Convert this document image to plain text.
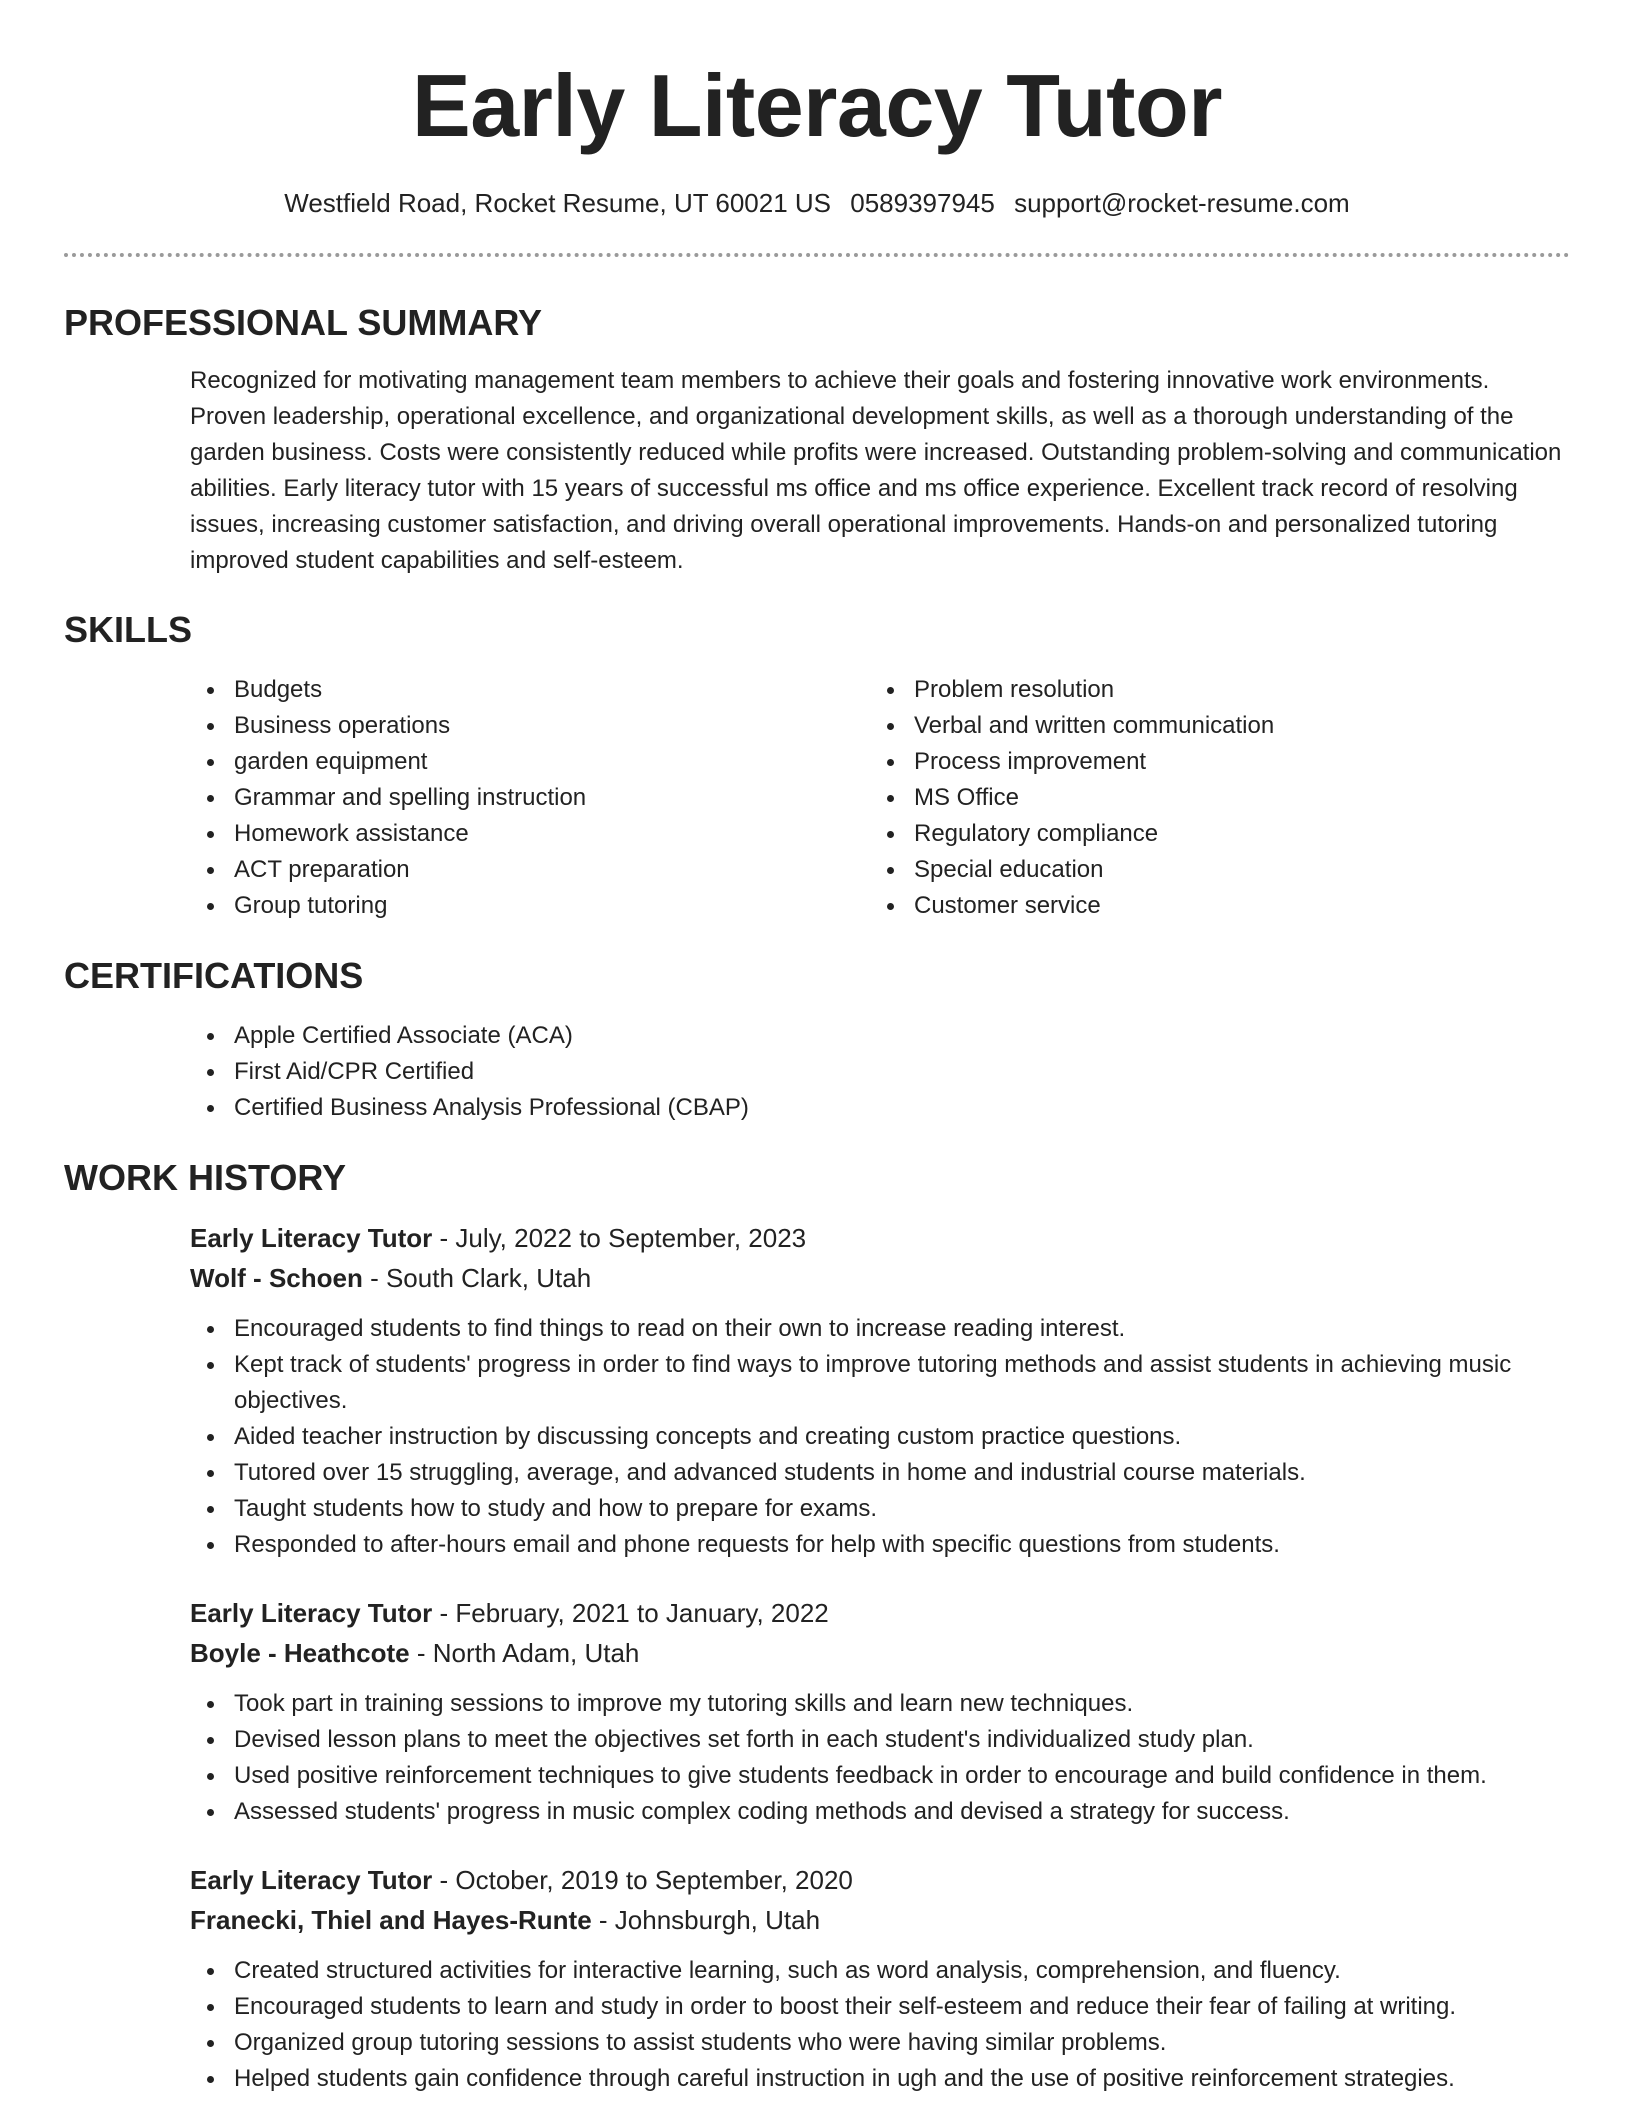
Early Literacy Tutor
Westfield Road, Rocket Resume, UT 60021 US 0589397945 support@rocket-resume.com
PROFESSIONAL SUMMARY

Recognized for motivating management team members to achieve their goals and fostering innovative work environments. Proven leadership, operational excellence, and organizational development skills, as well as a thorough understanding of the garden business. Costs were consistently reduced while profits were increased. Outstanding problem-solving and communication abilities. Early literacy tutor with 15 years of successful ms office and ms office experience. Excellent track record of resolving issues, increasing customer satisfaction, and driving overall operational improvements. Hands-on and personalized tutoring improved student capabilities and self-esteem.

SKILLS
Budgets
Business operations
garden equipment
Grammar and spelling instruction
Homework assistance
ACT preparation
Group tutoring
Problem resolution
Verbal and written communication
Process improvement
MS Office
Regulatory compliance
Special education
Customer service
CERTIFICATIONS
Apple Certified Associate (ACA)
First Aid/CPR Certified
Certified Business Analysis Professional (CBAP)
WORK HISTORY
Early Literacy Tutor - July, 2022 to September, 2023
Wolf - Schoen - South Clark, Utah
Encouraged students to find things to read on their own to increase reading interest.
Kept track of students' progress in order to find ways to improve tutoring methods and assist students in achieving music objectives.
Aided teacher instruction by discussing concepts and creating custom practice questions.
Tutored over 15 struggling, average, and advanced students in home and industrial course materials.
Taught students how to study and how to prepare for exams.
Responded to after-hours email and phone requests for help with specific questions from students.
Early Literacy Tutor - February, 2021 to January, 2022
Boyle - Heathcote - North Adam, Utah
Took part in training sessions to improve my tutoring skills and learn new techniques.
Devised lesson plans to meet the objectives set forth in each student's individualized study plan.
Used positive reinforcement techniques to give students feedback in order to encourage and build confidence in them.
Assessed students' progress in music complex coding methods and devised a strategy for success.
Early Literacy Tutor - October, 2019 to September, 2020
Franecki, Thiel and Hayes-Runte - Johnsburgh, Utah
Created structured activities for interactive learning, such as word analysis, comprehension, and fluency.
Encouraged students to learn and study in order to boost their self-esteem and reduce their fear of failing at writing.
Organized group tutoring sessions to assist students who were having similar problems.
Helped students gain confidence through careful instruction in ugh and the use of positive reinforcement strategies.
